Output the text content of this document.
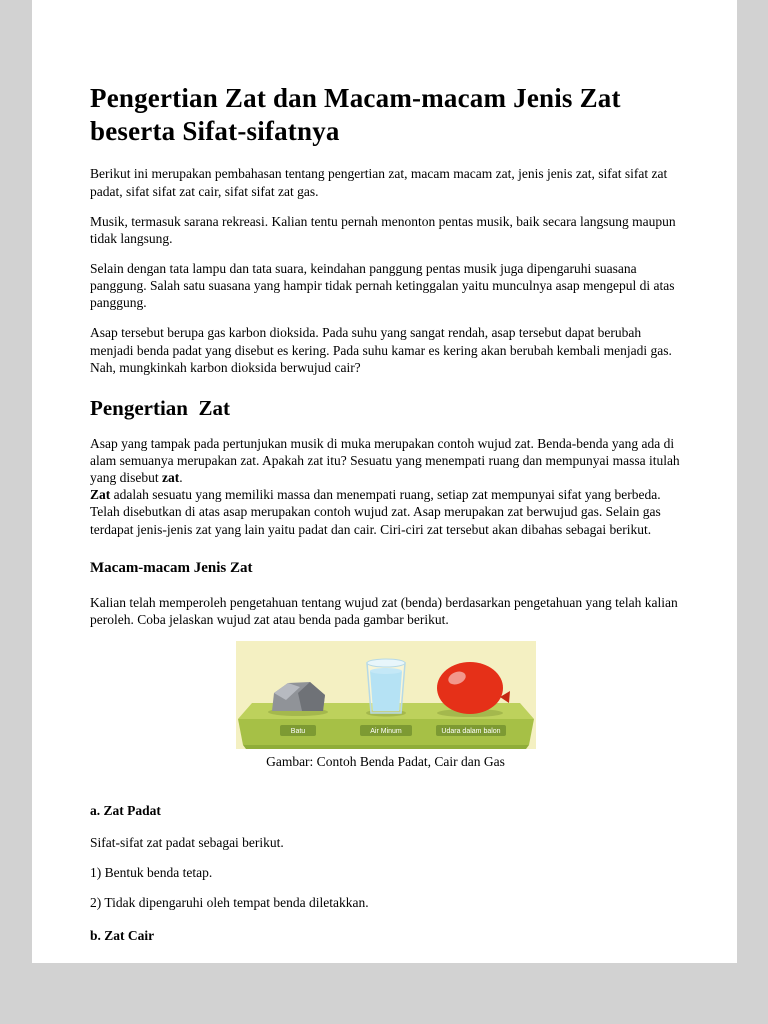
Pengertian Zat dan Macam-macam Jenis Zat beserta Sifat-sifatnya

Berikut ini merupakan pembahasan tentang pengertian zat, macam macam zat, jenis jenis zat, sifat sifat zat padat, sifat sifat zat cair, sifat sifat zat gas.

Musik, termasuk sarana rekreasi. Kalian tentu pernah menonton pentas musik, baik secara langsung maupun tidak langsung.

Selain dengan tata lampu dan tata suara, keindahan panggung pentas musik juga dipengaruhi suasana panggung. Salah satu suasana yang hampir tidak pernah ketinggalan yaitu munculnya asap mengepul di atas panggung.

Asap tersebut berupa gas karbon dioksida. Pada suhu yang sangat rendah, asap tersebut dapat berubah menjadi benda padat yang disebut es kering. Pada suhu kamar es kering akan berubah kembali menjadi gas. Nah, mungkinkah karbon dioksida berwujud cair?

Pengertian  Zat

Asap yang tampak pada pertunjukan musik di muka merupakan contoh wujud zat. Benda-benda yang ada di alam semuanya merupakan zat. Apakah zat itu? Sesuatu yang menempati ruang dan mempunyai massa itulah yang disebut zat.

Zat adalah sesuatu yang memiliki massa dan menempati ruang, setiap zat mempunyai sifat yang berbeda.

Telah disebutkan di atas asap merupakan contoh wujud zat. Asap merupakan zat berwujud gas. Selain gas terdapat jenis-jenis zat yang lain yaitu padat dan cair. Ciri-ciri zat tersebut akan dibahas sebagai berikut.

Macam-macam Jenis Zat

Kalian telah memperoleh pengetahuan tentang wujud zat (benda) berdasarkan pengetahuan yang telah kalian peroleh. Coba jelaskan wujud zat atau benda pada gambar berikut.

Batu	Air Minum	Udara dalam balon
Gambar: Contoh Benda Padat, Cair dan Gas
a. Zat Padat

Sifat-sifat zat padat sebagai berikut.

1) Bentuk benda tetap.

2) Tidak dipengaruhi oleh tempat benda diletakkan.

b. Zat Cair
